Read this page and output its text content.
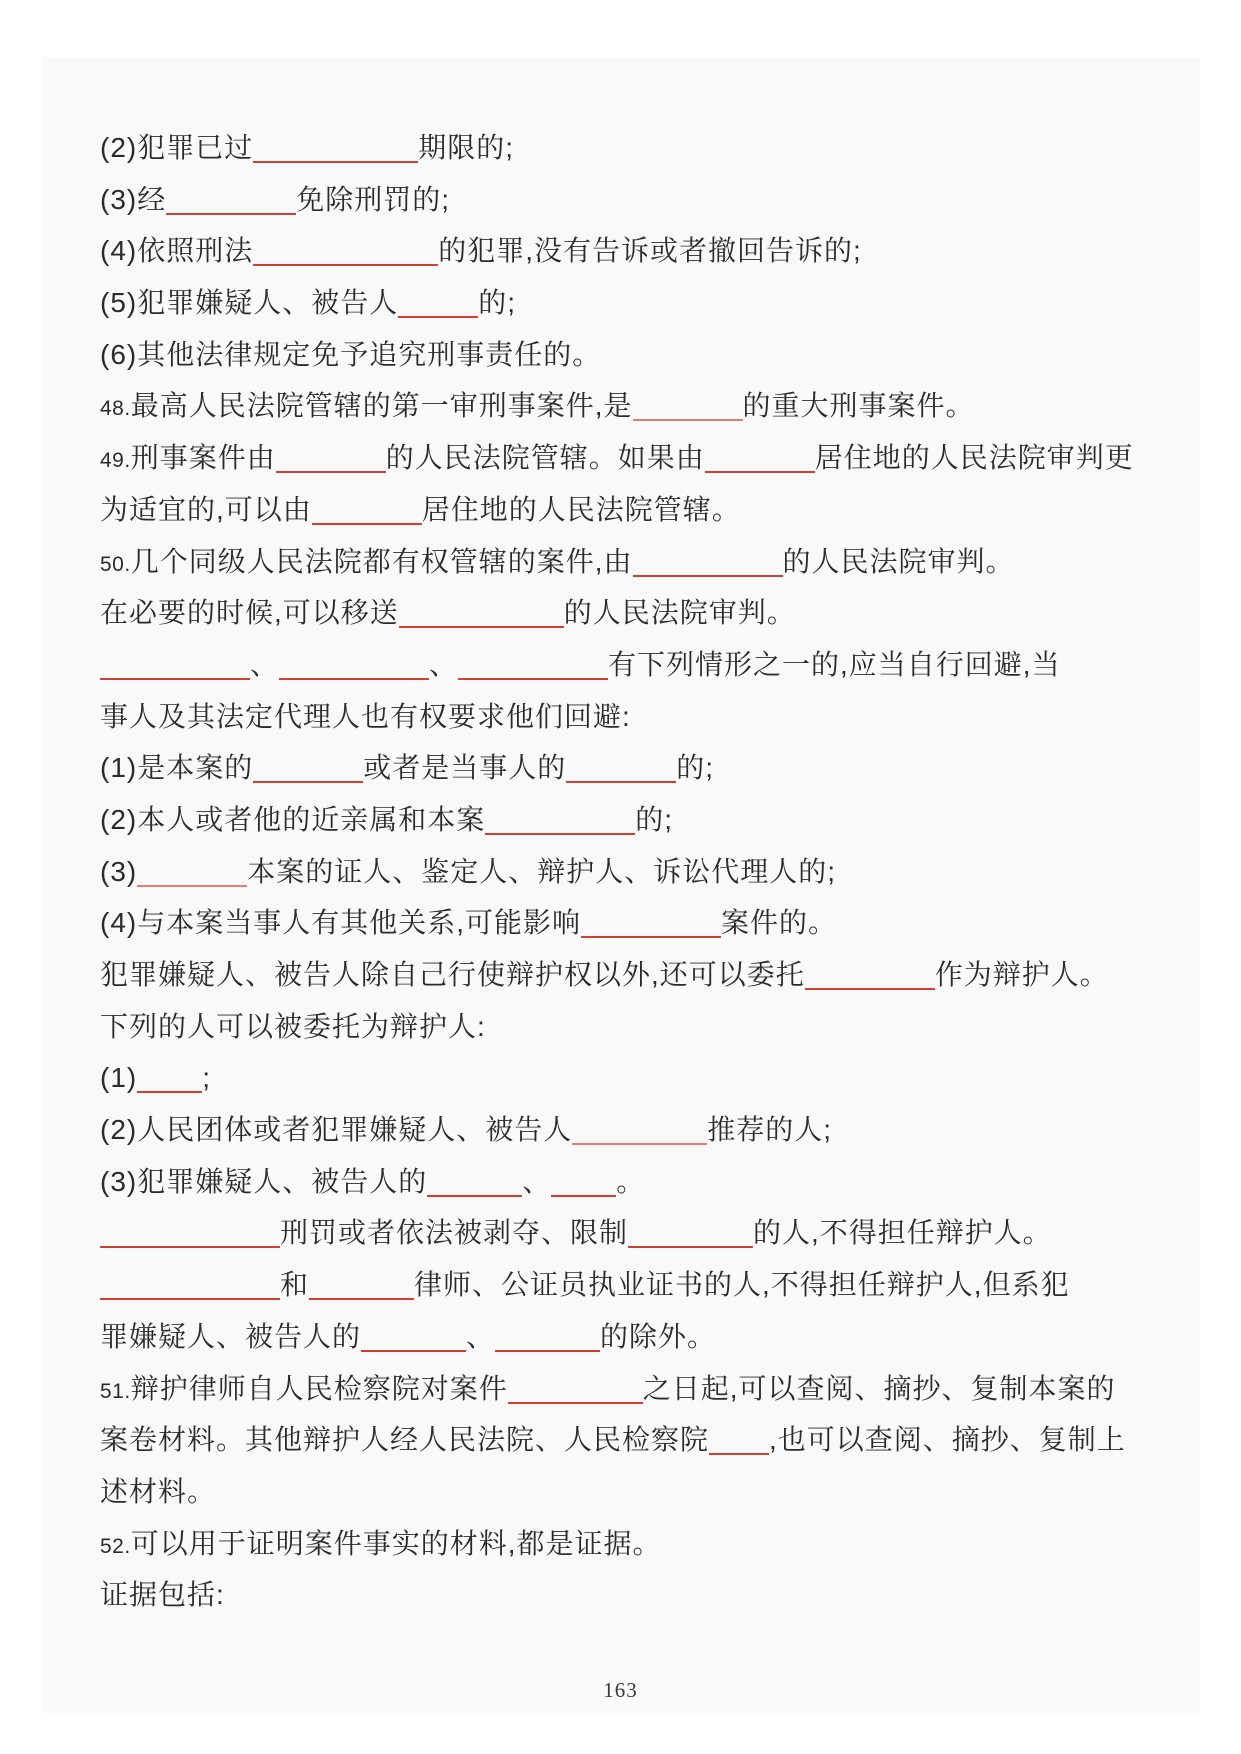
(2)犯罪已过	期限的;
(3)经	免除刑罚的;
(4)依照刑法	的犯罪,没有告诉或者撤回告诉的;
(5)犯罪嫌疑人、被告人	的;
(6)其他法律规定免予追究刑事责任的。
48.最高人民法院管辖的第一审刑事案件,是	的重大刑事案件。
49.刑事案件由	的人民法院管辖。如果由	居住地的人民法院审判更
为适宜的,可以由	居住地的人民法院管辖。
50.几个同级人民法院都有权管辖的案件,由	的人民法院审判。
在必要的时候,可以移送	的人民法院审判。
、	、	有下列情形之一的,应当自行回避,当
事人及其法定代理人也有权要求他们回避:
(1)是本案的	或者是当事人的	的;
(2)本人或者他的近亲属和本案	的;
(3)	本案的证人、鉴定人、辩护人、诉讼代理人的;
(4)与本案当事人有其他关系,可能影响	案件的。
犯罪嫌疑人、被告人除自己行使辩护权以外,还可以委托	作为辩护人。
下列的人可以被委托为辩护人:
(1) ;
(2)人民团体或者犯罪嫌疑人、被告人	推荐的人;
(3)犯罪嫌疑人、被告人的	、 。
刑罚或者依法被剥夺、限制	的人,不得担任辩护人。
和	律师、公证员执业证书的人,不得担任辩护人,但系犯
罪嫌疑人、被告人的	、	的除外。
51.辩护律师自人民检察院对案件	之日起,可以查阅、摘抄、复制本案的
案卷材料。其他辩护人经人民法院、人民检察院 ,也可以查阅、摘抄、复制上
述材料。
52.可以用于证明案件事实的材料,都是证据。
证据包括:
163
